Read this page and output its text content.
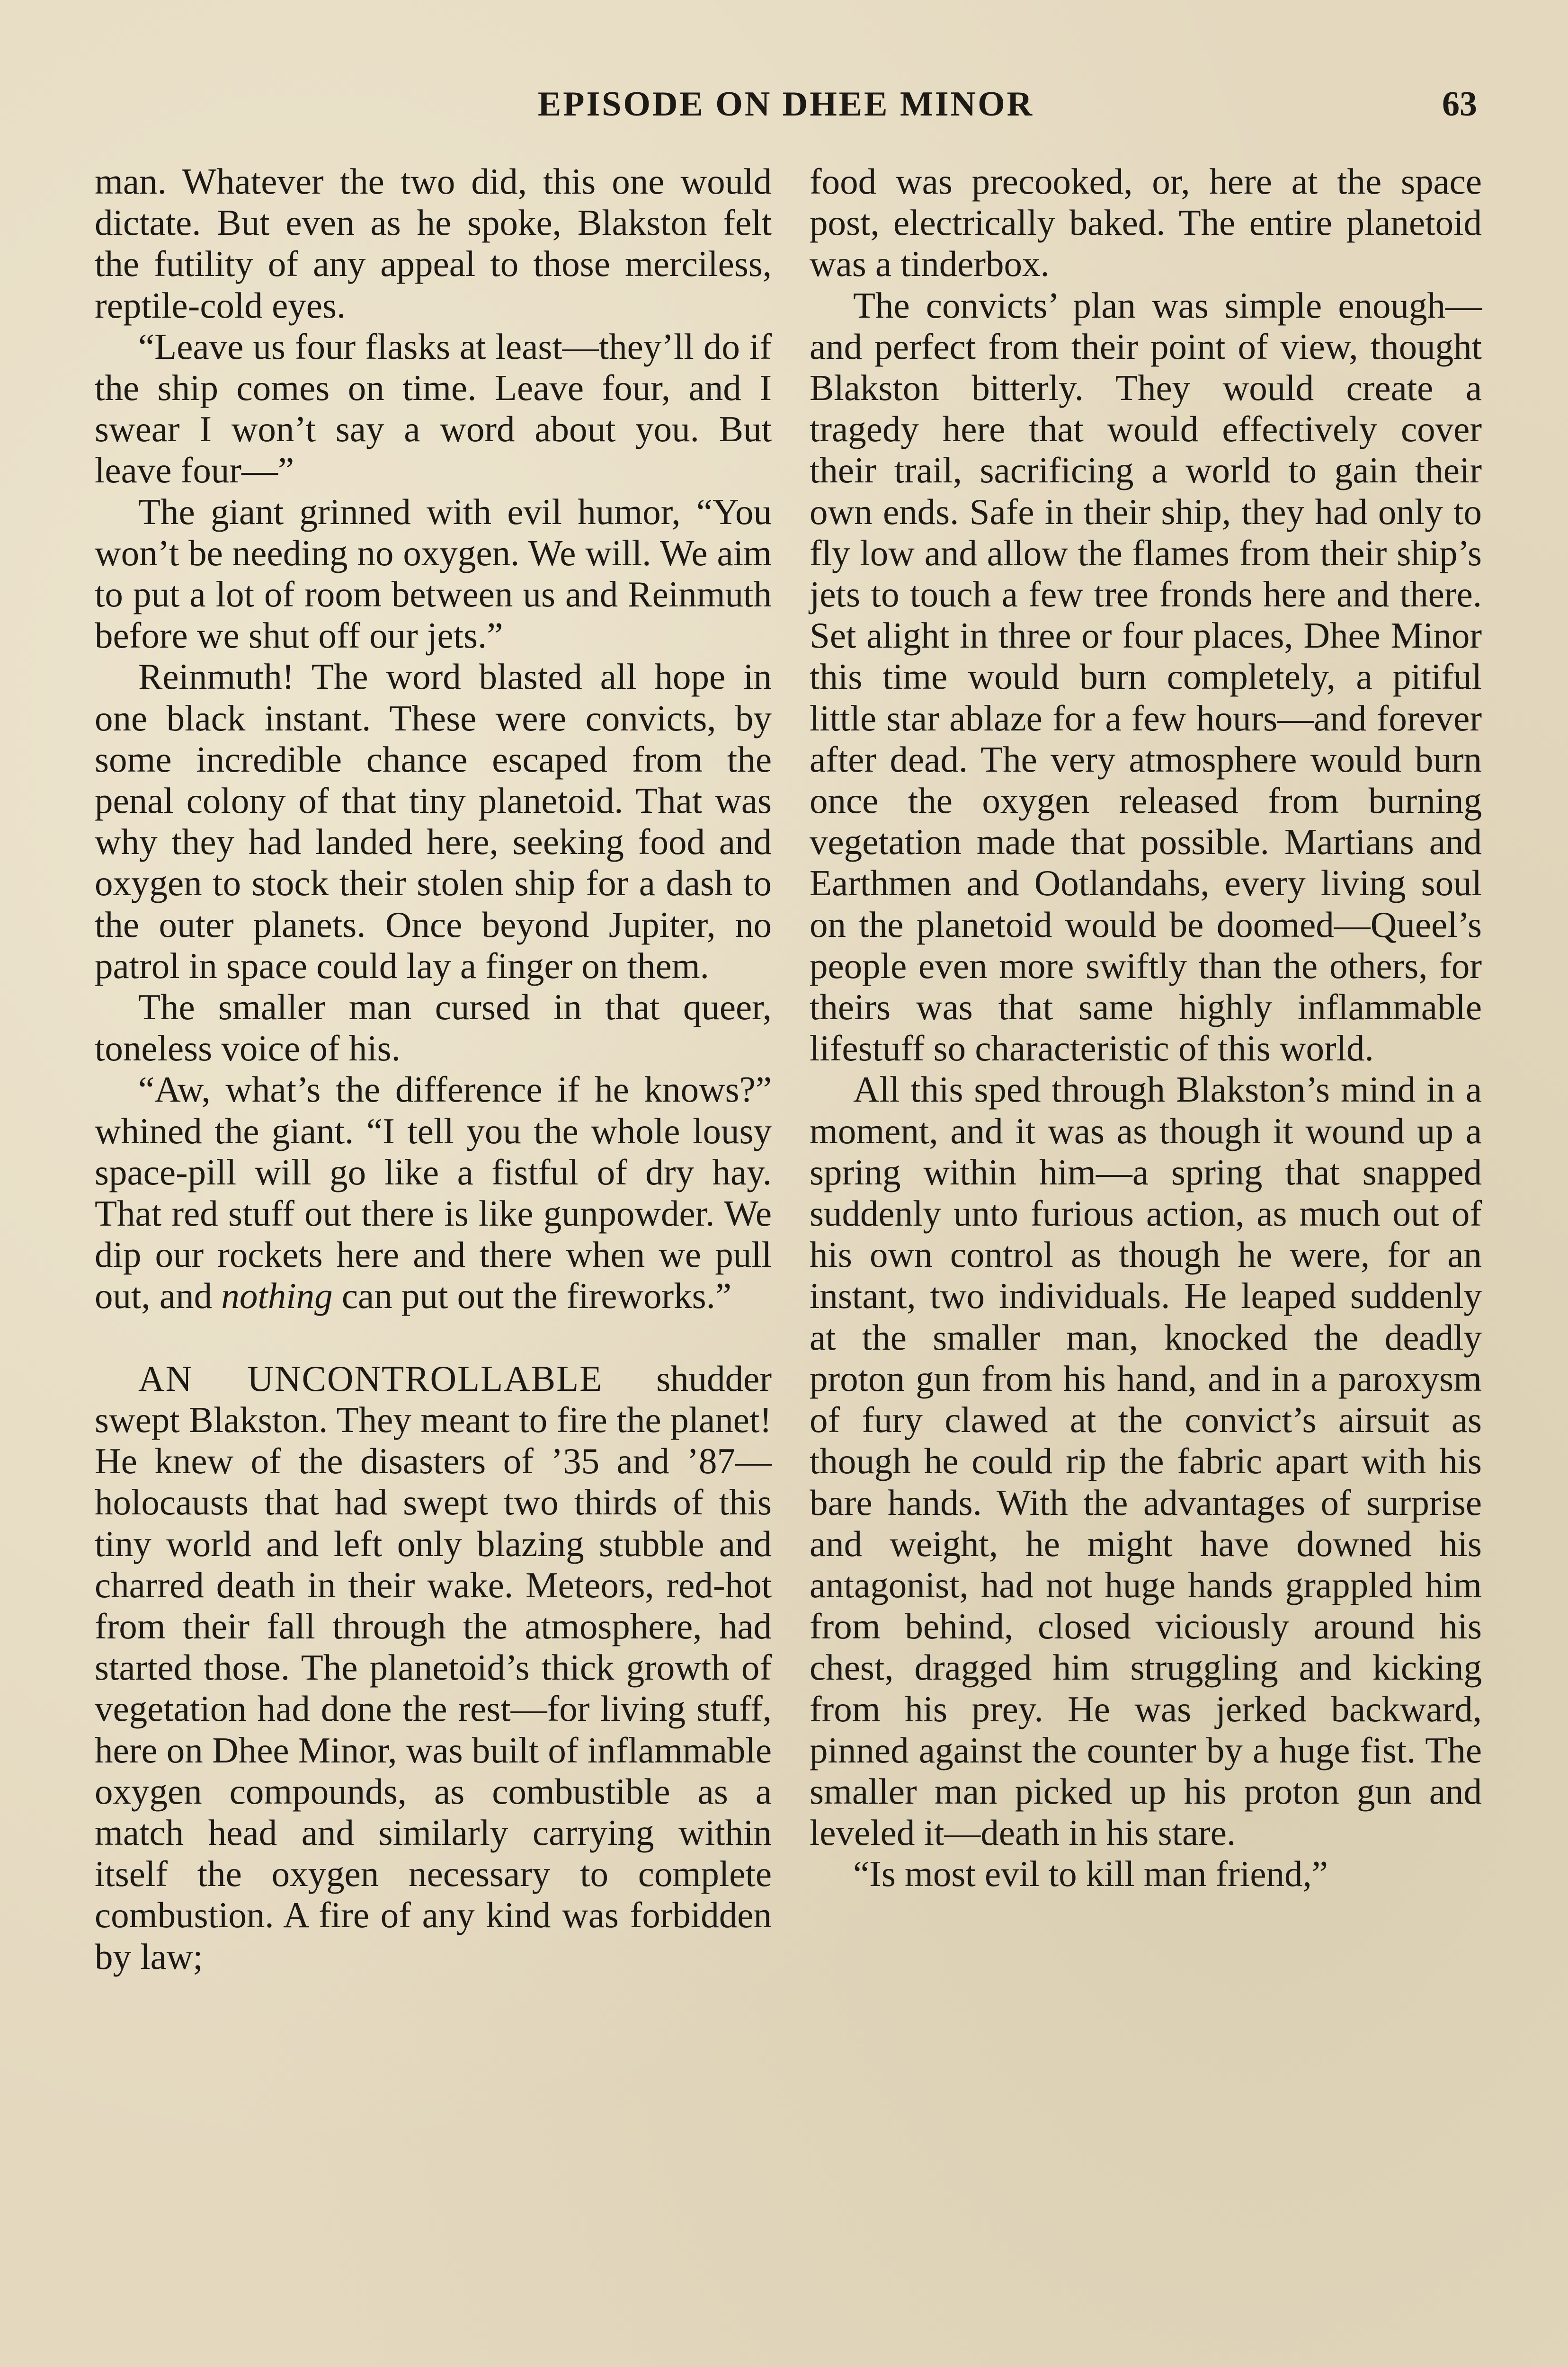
EPISODE ON DHEE MINOR	63

man. Whatever the two did, this one would dictate. But even as he spoke, Blakston felt the futility of any appeal to those merciless, reptile-cold eyes.

“Leave us four flasks at least—they’ll do if the ship comes on time. Leave four, and I swear I won’t say a word about you. But leave four—”

The giant grinned with evil humor, “You won’t be needing no oxygen. We will. We aim to put a lot of room between us and Reinmuth before we shut off our jets.”

Reinmuth! The word blasted all hope in one black instant. These were convicts, by some incredible chance escaped from the penal colony of that tiny planetoid. That was why they had landed here, seeking food and oxygen to stock their stolen ship for a dash to the outer planets. Once beyond Jupiter, no patrol in space could lay a finger on them.

The smaller man cursed in that queer, toneless voice of his.

“Aw, what’s the difference if he knows?” whined the giant. “I tell you the whole lousy space-pill will go like a fistful of dry hay. That red stuff out there is like gunpowder. We dip our rockets here and there when we pull out, and nothing can put out the fireworks.”

AN UNCONTROLLABLE shudder swept Blakston. They meant to fire the planet! He knew of the disasters of ’35 and ’87—holocausts that had swept two thirds of this tiny world and left only blazing stubble and charred death in their wake. Meteors, red-hot from their fall through the atmosphere, had started those. The planetoid’s thick growth of vegetation had done the rest—for living stuff, here on Dhee Minor, was built of inflammable oxygen compounds, as combustible as a match head and similarly carrying within itself the oxygen necessary to complete combustion. A fire of any kind was forbidden by law;

food was precooked, or, here at the space post, electrically baked. The entire planetoid was a tinderbox.

The convicts’ plan was simple enough—and perfect from their point of view, thought Blakston bitterly. They would create a tragedy here that would effectively cover their trail, sacrificing a world to gain their own ends. Safe in their ship, they had only to fly low and allow the flames from their ship’s jets to touch a few tree fronds here and there. Set alight in three or four places, Dhee Minor this time would burn completely, a pitiful little star ablaze for a few hours—and forever after dead. The very atmosphere would burn once the oxygen released from burning vegetation made that possible. Martians and Earthmen and Ootlandahs, every living soul on the planetoid would be doomed—Queel’s people even more swiftly than the others, for theirs was that same highly inflammable lifestuff so characteristic of this world.

All this sped through Blakston’s mind in a moment, and it was as though it wound up a spring within him—a spring that snapped suddenly unto furious action, as much out of his own control as though he were, for an instant, two individuals. He leaped suddenly at the smaller man, knocked the deadly proton gun from his hand, and in a paroxysm of fury clawed at the convict’s airsuit as though he could rip the fabric apart with his bare hands. With the advantages of surprise and weight, he might have downed his antagonist, had not huge hands grappled him from behind, closed viciously around his chest, dragged him struggling and kicking from his prey. He was jerked backward, pinned against the counter by a huge fist. The smaller man picked up his proton gun and leveled it—death in his stare.

“Is most evil to kill man friend,”
